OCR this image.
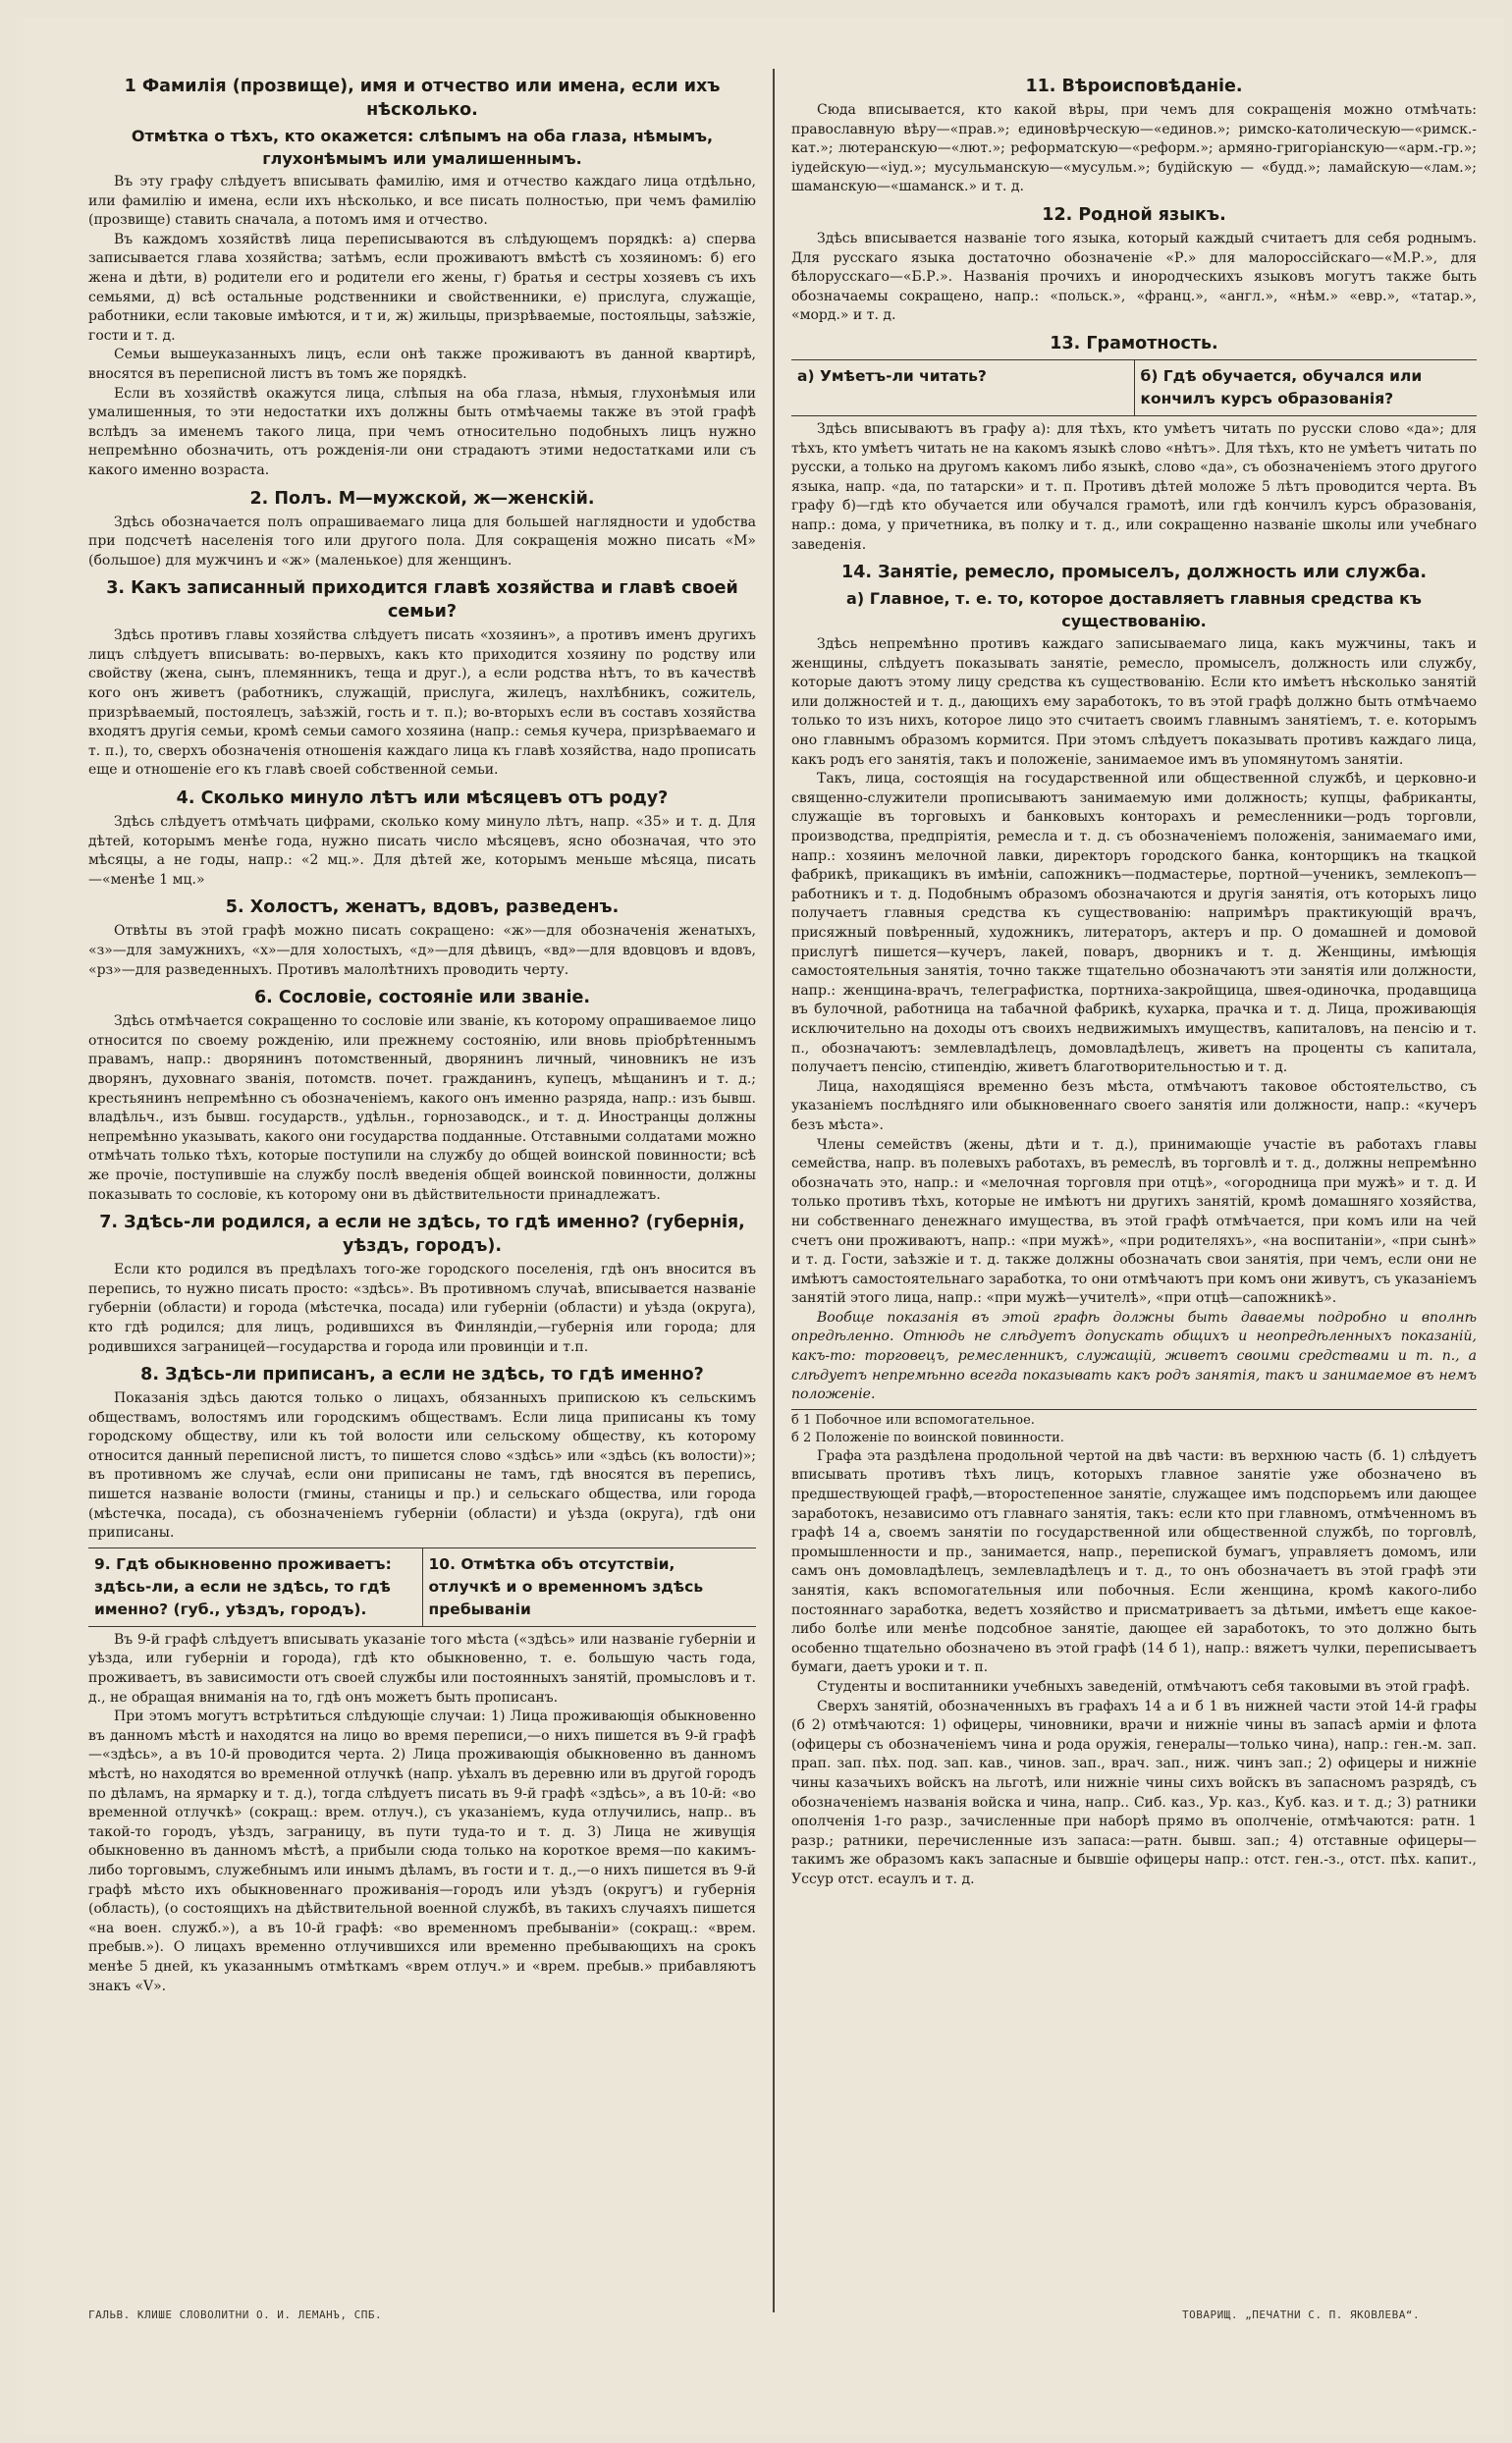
1 Фамилія (прозвище), имя и отчество или имена, если ихъ нѣсколько.
Отмѣтка о тѣхъ, кто окажется: слѣпымъ на оба глаза, нѣмымъ, глухонѣмымъ или умалишеннымъ.

Въ эту графу слѣдуетъ вписывать фамилію, имя и отчество каждаго лица отдѣльно, или фамилію и имена, если ихъ нѣсколько, и все писать полностью, при чемъ фамилію (прозвище) ставить сначала, а потомъ имя и отчество.

Въ каждомъ хозяйствѣ лица переписываются въ слѣдующемъ порядкѣ: а) сперва записывается глава хозяйства; затѣмъ, если проживаютъ вмѣстѣ съ хозяиномъ: б) его жена и дѣти, в) родители его и родители его жены, г) братья и сестры хозяевъ съ ихъ семьями, д) всѣ остальные родственники и свойственники, е) прислуга, служащіе, работники, если таковые имѣются, и т и, ж) жильцы, призрѣваемые, постояльцы, заѣзжіе, гости и т. д.

Семьи вышеуказанныхъ лицъ, если онѣ также проживаютъ въ данной квартирѣ, вносятся въ переписной листъ въ томъ же порядкѣ.

Если въ хозяйствѣ окажутся лица, слѣпыя на оба глаза, нѣмыя, глухонѣмыя или умалишенныя, то эти недостатки ихъ должны быть отмѣчаемы также въ этой графѣ вслѣдъ за именемъ такого лица, при чемъ относительно подобныхъ лицъ нужно непремѣнно обозначить, отъ рожденія-ли они страдаютъ этими недостатками или съ какого именно возраста.

2. Полъ. М—мужской, ж—женскій.

Здѣсь обозначается полъ опрашиваемаго лица для большей наглядности и удобства при подсчетѣ населенія того или другого пола. Для сокращенія можно писать «М» (большое) для мужчинъ и «ж» (маленькое) для женщинъ.

3. Какъ записанный приходится главѣ хозяйства и главѣ своей семьи?

Здѣсь противъ главы хозяйства слѣдуетъ писать «хозяинъ», а противъ именъ другихъ лицъ слѣдуетъ вписывать: во-первыхъ, какъ кто приходится хозяину по родству или свойству (жена, сынъ, племянникъ, теща и друг.), а если родства нѣтъ, то въ качествѣ кого онъ живетъ (работникъ, служащій, прислуга, жилецъ, нахлѣбникъ, сожитель, призрѣваемый, постоялецъ, заѣзжій, гость и т. п.); во-вторыхъ если въ составъ хозяйства входятъ другія семьи, кромѣ семьи самого хозяина (напр.: семья кучера, призрѣваемаго и т. п.), то, сверхъ обозначенія отношенія каждаго лица къ главѣ хозяйства, надо прописать еще и отношеніе его къ главѣ своей собственной семьи.

4. Сколько минуло лѣтъ или мѣсяцевъ отъ роду?

Здѣсь слѣдуетъ отмѣчать цифрами, сколько кому минуло лѣтъ, напр. «35» и т. д. Для дѣтей, которымъ менѣе года, нужно писать число мѣсяцевъ, ясно обозначая, что это мѣсяцы, а не годы, напр.: «2 мц.». Для дѣтей же, которымъ меньше мѣсяца, писать—«менѣе 1 мц.»

5. Холостъ, женатъ, вдовъ, разведенъ.

Отвѣты въ этой графѣ можно писать сокращено: «ж»—для обозначенія женатыхъ, «з»—для замужнихъ, «х»—для холостыхъ, «д»—для дѣвицъ, «вд»—для вдовцовъ и вдовъ, «рз»—для разведенныхъ. Противъ малолѣтнихъ проводить черту.

6. Сословіе, состояніе или званіе.

Здѣсь отмѣчается сокращенно то сословіе или званіе, къ которому опрашиваемое лицо относится по своему рожденію, или прежнему состоянію, или вновь пріобрѣтеннымъ правамъ, напр.: дворянинъ потомственный, дворянинъ личный, чиновникъ не изъ дворянъ, духовнаго званія, потомств. почет. гражданинъ, купецъ, мѣщанинъ и т. д.; крестьянинъ непремѣнно съ обозначеніемъ, какого онъ именно разряда, напр.: изъ бывш. владѣльч., изъ бывш. государств., удѣльн., горнозаводск., и т. д. Иностранцы должны непремѣнно указывать, какого они государства подданные. Отставными солдатами можно отмѣчать только тѣхъ, которые поступили на службу до общей воинской повинности; всѣ же прочіе, поступившіе на службу послѣ введенія общей воинской повинности, должны показывать то сословіе, къ которому они въ дѣйствительности принадлежатъ.

7. Здѣсь-ли родился, а если не здѣсь, то гдѣ именно? (губернія, уѣздъ, городъ).

Если кто родился въ предѣлахъ того-же городского поселенія, гдѣ онъ вносится въ перепись, то нужно писать просто: «здѣсь». Въ противномъ случаѣ, вписывается названіе губерніи (области) и города (мѣстечка, посада) или губерніи (области) и уѣзда (округа), кто гдѣ родился; для лицъ, родившихся въ Финляндіи,—губернія или города; для родившихся заграницей—государства и города или провинціи и т.п.

8. Здѣсь-ли приписанъ, а если не здѣсь, то гдѣ именно?

Показанія здѣсь даются только о лицахъ, обязанныхъ припискою къ сельскимъ обществамъ, волостямъ или городскимъ обществамъ. Если лица приписаны къ тому городскому обществу, или къ той волости или сельскому обществу, къ которому относится данный переписной листъ, то пишется слово «здѣсь» или «здѣсь (къ волости)»; въ противномъ же случаѣ, если они приписаны не тамъ, гдѣ вносятся въ перепись, пишется названіе волости (гмины, станицы и пр.) и сельскаго общества, или города (мѣстечка, посада), съ обозначеніемъ губерніи (области) и уѣзда (округа), гдѣ они приписаны.

9. Гдѣ обыкновенно проживаетъ: здѣсь-ли, а если не здѣсь, то гдѣ именно? (губ., уѣздъ, городъ).
10. Отмѣтка объ отсутствіи, отлучкѣ и о временномъ здѣсь пребываніи

Въ 9-й графѣ слѣдуетъ вписывать указаніе того мѣста («здѣсь» или названіе губерніи и уѣзда, или губерніи и города), гдѣ кто обыкновенно, т. е. большую часть года, проживаетъ, въ зависимости отъ своей службы или постоянныхъ занятій, промысловъ и т. д., не обращая вниманія на то, гдѣ онъ можетъ быть прописанъ.

При этомъ могутъ встрѣтиться слѣдующіе случаи: 1) Лица проживающія обыкновенно въ данномъ мѣстѣ и находятся на лицо во время переписи,—о нихъ пишется въ 9-й графѣ—«здѣсь», а въ 10-й проводится черта. 2) Лица проживающія обыкновенно въ данномъ мѣстѣ, но находятся во временной отлучкѣ (напр. уѣхалъ въ деревню или въ другой городъ по дѣламъ, на ярмарку и т. д.), тогда слѣдуетъ писать въ 9-й графѣ «здѣсь», а въ 10-й: «во временной отлучкѣ» (сокращ.: врем. отлуч.), съ указаніемъ, куда отлучились, напр.. въ такой-то городъ, уѣздъ, заграницу, въ пути туда-то и т. д. 3) Лица не живущія обыкновенно въ данномъ мѣстѣ, а прибыли сюда только на короткое время—по какимъ-либо торговымъ, служебнымъ или инымъ дѣламъ, въ гости и т. д.,—о нихъ пишется въ 9-й графѣ мѣсто ихъ обыкновеннаго проживанія—городъ или уѣздъ (округъ) и губернія (область), (о состоящихъ на дѣйствительной военной службѣ, въ такихъ случаяхъ пишется «на воен. служб.»), а въ 10-й графѣ: «во временномъ пребываніи» (сокращ.: «врем. пребыв.»). О лицахъ временно отлучившихся или временно пребывающихъ на срокъ менѣе 5 дней, къ указаннымъ отмѣткамъ «врем отлуч.» и «врем. пребыв.» прибавляютъ знакъ «V».

11. Вѣроисповѣданіе.

Сюда вписывается, кто какой вѣры, при чемъ для сокращенія можно отмѣчать: православную вѣру—«прав.»; единовѣрческую—«единов.»; римско-католическую—«римск.-кат.»; лютеранскую—«лют.»; реформатскую—«реформ.»; армяно-григоріанскую—«арм.-гр.»; іудейскую—«іуд.»; мусульманскую—«мусульм.»; будійскую — «будд.»; ламайскую—«лам.»; шаманскую—«шаманск.» и т. д.

12. Родной языкъ.

Здѣсь вписывается названіе того языка, который каждый считаетъ для себя роднымъ. Для русскаго языка достаточно обозначеніе «Р.» для малороссійскаго—«М.Р.», для бѣлорусскаго—«Б.Р.». Названія прочихъ и инородческихъ языковъ могутъ также быть обозначаемы сокращено, напр.: «польск.», «франц.», «англ.», «нѣм.» «евр.», «татар.», «морд.» и т. д.

13. Грамотность.
а) Умѣетъ-ли читать?	б) Гдѣ обучается, обучался или кончилъ курсъ образованія?

Здѣсь вписываютъ въ графу а): для тѣхъ, кто умѣетъ читать по русски слово «да»; для тѣхъ, кто умѣетъ читать не на какомъ языкѣ слово «нѣтъ». Для тѣхъ, кто не умѣетъ читать по русски, а только на другомъ какомъ либо языкѣ, слово «да», съ обозначеніемъ этого другого языка, напр. «да, по татарски» и т. п. Противъ дѣтей моложе 5 лѣтъ проводится черта. Въ графу б)—гдѣ кто обучается или обучался грамотѣ, или гдѣ кончилъ курсъ образованія, напр.: дома, у причетника, въ полку и т. д., или сокращенно названіе школы или учебнаго заведенія.

14. Занятіе, ремесло, промыселъ, должность или служба.
а) Главное, т. е. то, которое доставляетъ главныя средства къ существованію.

Здѣсь непремѣнно противъ каждаго записываемаго лица, какъ мужчины, такъ и женщины, слѣдуетъ показывать занятіе, ремесло, промыселъ, должность или службу, которые даютъ этому лицу средства къ существованію. Если кто имѣетъ нѣсколько занятій или должностей и т. д., дающихъ ему заработокъ, то въ этой графѣ должно быть отмѣчаемо только то изъ нихъ, которое лицо это считаетъ своимъ главнымъ занятіемъ, т. е. которымъ оно главнымъ образомъ кормится. При этомъ слѣдуетъ показывать противъ каждаго лица, какъ родъ его занятія, такъ и положеніе, занимаемое имъ въ упомянутомъ занятіи.

Такъ, лица, состоящія на государственной или общественной службѣ, и церковно-и священно-служители прописываютъ занимаемую ими должность; купцы, фабриканты, служащіе въ торговыхъ и банковыхъ конторахъ и ремесленники—родъ торговли, производства, предпріятія, ремесла и т. д. съ обозначеніемъ положенія, занимаемаго ими, напр.: хозяинъ мелочной лавки, директоръ городского банка, конторщикъ на ткацкой фабрикѣ, прикащикъ въ имѣніи, сапожникъ—подмастерье, портной—ученикъ, землекопъ—работникъ и т. д. Подобнымъ образомъ обозначаются и другія занятія, отъ которыхъ лицо получаетъ главныя средства къ существованію: напримѣръ практикующій врачъ, присяжный повѣренный, художникъ, литераторъ, актеръ и пр. О домашней и домовой прислугѣ пишется—кучеръ, лакей, поваръ, дворникъ и т. д. Женщины, имѣющія самостоятельныя занятія, точно также тщательно обозначаютъ эти занятія или должности, напр.: женщина-врачъ, телеграфистка, портниха-закройщица, швея-одиночка, продавщица въ булочной, работница на табачной фабрикѣ, кухарка, прачка и т. д. Лица, проживающія исключительно на доходы отъ своихъ недвижимыхъ имуществъ, капиталовъ, на пенсію и т. п., обозначаютъ: землевладѣлецъ, домовладѣлецъ, живетъ на проценты съ капитала, получаетъ пенсію, стипендію, живетъ благотворительностью и т. д.

Лица, находящіяся временно безъ мѣста, отмѣчаютъ таковое обстоятельство, съ указаніемъ послѣдняго или обыкновеннаго своего занятія или должности, напр.: «кучеръ безъ мѣста».

Члены семействъ (жены, дѣти и т. д.), принимающіе участіе въ работахъ главы семейства, напр. въ полевыхъ работахъ, въ ремеслѣ, въ торговлѣ и т. д., должны непремѣнно обозначать это, напр.: и «мелочная торговля при отцѣ», «огородница при мужѣ» и т. д. И только противъ тѣхъ, которые не имѣютъ ни другихъ занятій, кромѣ домашняго хозяйства, ни собственнаго денежнаго имущества, въ этой графѣ отмѣчается, при комъ или на чей счетъ они проживаютъ, напр.: «при мужѣ», «при родителяхъ», «на воспитаніи», «при сынѣ» и т. д. Гости, заѣзжіе и т. д. также должны обозначать свои занятія, при чемъ, если они не имѣютъ самостоятельнаго заработка, то они отмѣчаютъ при комъ они живутъ, съ указаніемъ занятій этого лица, напр.: «при мужѣ—учителѣ», «при отцѣ—сапожникѣ».

Вообще показанія въ этой графѣ должны быть даваемы подробно и вполнѣ опредѣленно. Отнюдь не слѣдуетъ допускать общихъ и неопредѣленныхъ показаній, какъ-то: торговецъ, ремесленникъ, служащій, живетъ своими средствами и т. п., а слѣдуетъ непремѣнно всегда показывать какъ родъ занятія, такъ и занимаемое въ немъ положеніе.

б 1 Побочное или вспомогательное.

б 2 Положеніе по воинской повинности.

Графа эта раздѣлена продольной чертой на двѣ части: въ верхнюю часть (б. 1) слѣдуетъ вписывать противъ тѣхъ лицъ, которыхъ главное занятіе уже обозначено въ предшествующей графѣ,—второстепенное занятіе, служащее имъ подспорьемъ или дающее заработокъ, независимо отъ главнаго занятія, такъ: если кто при главномъ, отмѣченномъ въ графѣ 14 а, своемъ занятіи по государственной или общественной службѣ, по торговлѣ, промышленности и пр., занимается, напр., перепиской бумагъ, управляетъ домомъ, или самъ онъ домовладѣлецъ, землевладѣлецъ и т. д., то онъ обозначаетъ въ этой графѣ эти занятія, какъ вспомогательныя или побочныя. Если женщина, кромѣ какого-либо постояннаго заработка, ведетъ хозяйство и присматриваетъ за дѣтьми, имѣетъ еще какое-либо болѣе или менѣе подсобное занятіе, дающее ей заработокъ, то это должно быть особенно тщательно обозначено въ этой графѣ (14 б 1), напр.: вяжетъ чулки, переписываетъ бумаги, даетъ уроки и т. п.

Студенты и воспитанники учебныхъ заведеній, отмѣчаютъ себя таковыми въ этой графѣ.

Сверхъ занятій, обозначенныхъ въ графахъ 14 а и б 1 въ нижней части этой 14-й графы (б 2) отмѣчаются: 1) офицеры, чиновники, врачи и нижніе чины въ запасѣ арміи и флота (офицеры съ обозначеніемъ чина и рода оружія, генералы—только чина), напр.: ген.-м. зап. прап. зап. пѣх. под. зап. кав., чинов. зап., врач. зап., ниж. чинъ зап.; 2) офицеры и нижніе чины казачьихъ войскъ на льготѣ, или нижніе чины сихъ войскъ въ запасномъ разрядѣ, съ обозначеніемъ названія войска и чина, напр.. Сиб. каз., Ур. каз., Куб. каз. и т. д.; 3) ратники ополченія 1-го разр., зачисленные при наборѣ прямо въ ополченіе, отмѣчаются: ратн. 1 разр.; ратники, перечисленные изъ запаса:—ратн. бывш. зап.; 4) отставные офицеры—такимъ же образомъ какъ запасные и бывшіе офицеры напр.: отст. ген.-з., отст. пѣх. капит., Уссур отст. есаулъ и т. д.

ГАЛЬВ. КЛИШЕ СЛОВОЛИТНИ О. И. ЛЕМАНЪ, СПБ.	ТОВАРИЩ. „ПЕЧАТНИ С. П. ЯКОВЛЕВА“.
